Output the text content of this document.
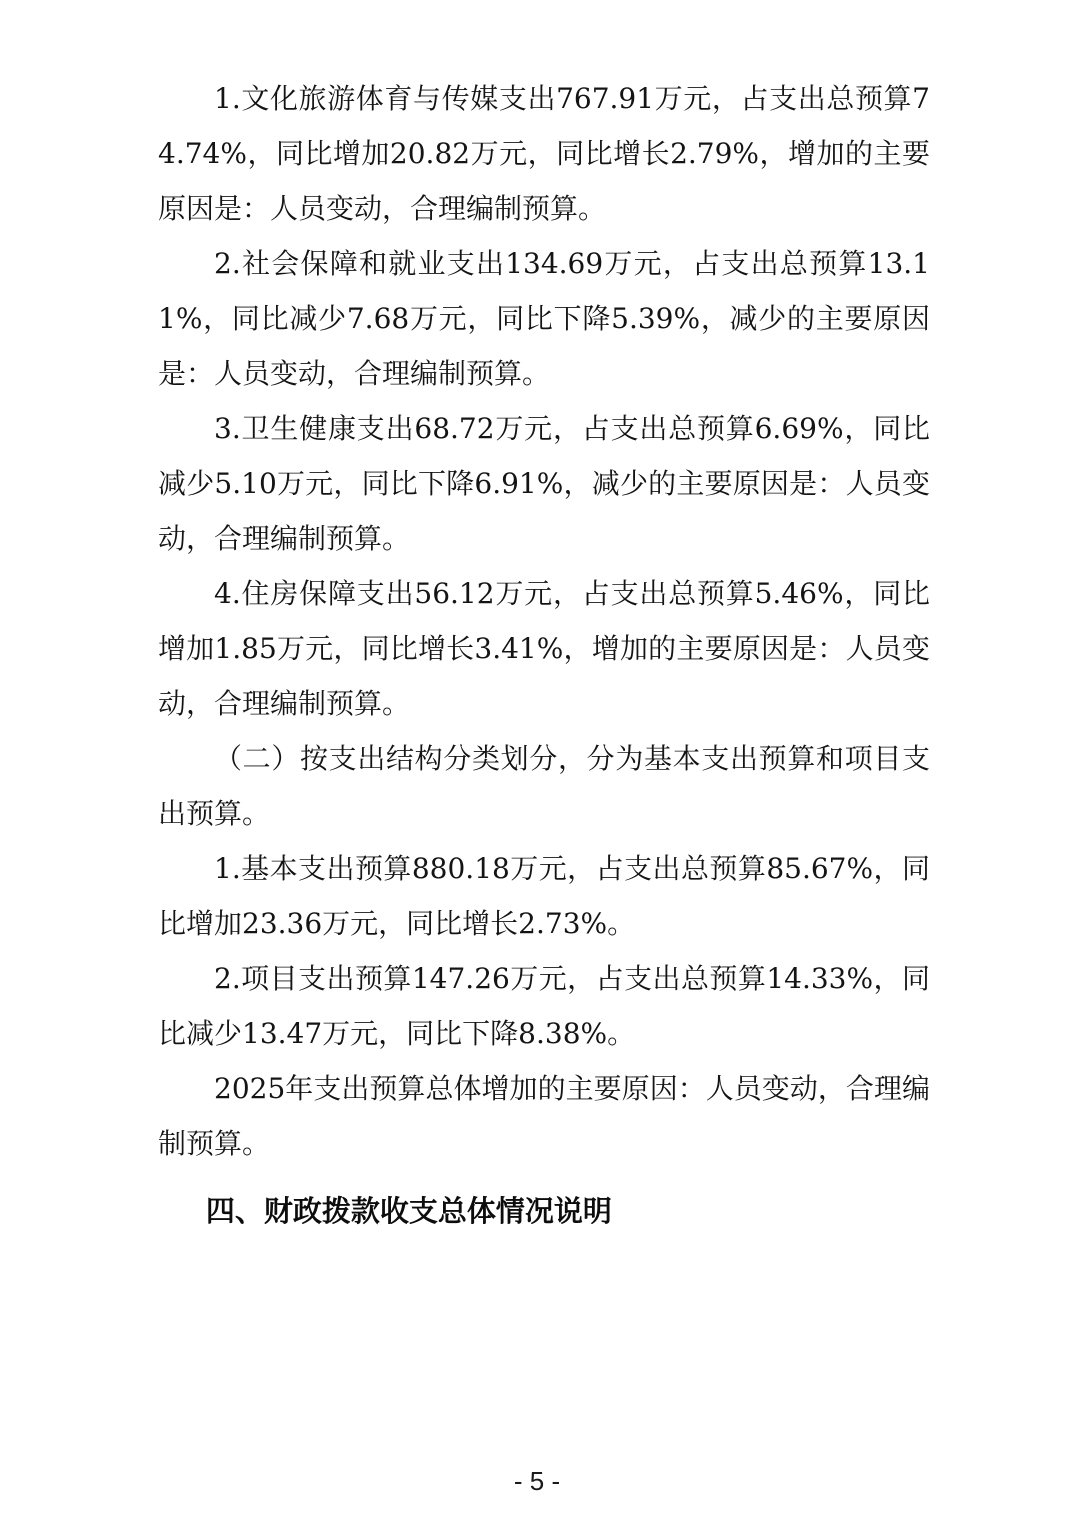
1.文化旅游体育与传媒支出767.91万元，占支出总预算74.74%，同比增加20.82万元，同比增长2.79%，增加的主要原因是：人员变动，合理编制预算。

2.社会保障和就业支出134.69万元，占支出总预算13.11%，同比减少7.68万元，同比下降5.39%，减少的主要原因是：人员变动，合理编制预算。

3.卫生健康支出68.72万元，占支出总预算6.69%，同比减少5.10万元，同比下降6.91%，减少的主要原因是：人员变动，合理编制预算。

4.住房保障支出56.12万元，占支出总预算5.46%，同比增加1.85万元，同比增长3.41%，增加的主要原因是：人员变动，合理编制预算。

（二）按支出结构分类划分，分为基本支出预算和项目支出预算。

1.基本支出预算880.18万元，占支出总预算85.67%，同比增加23.36万元，同比增长2.73%。

2.项目支出预算147.26万元，占支出总预算14.33%，同比减少13.47万元，同比下降8.38%。

2025年支出预算总体增加的主要原因：人员变动，合理编制预算。

四、财政拨款收支总体情况说明
- 5 -
